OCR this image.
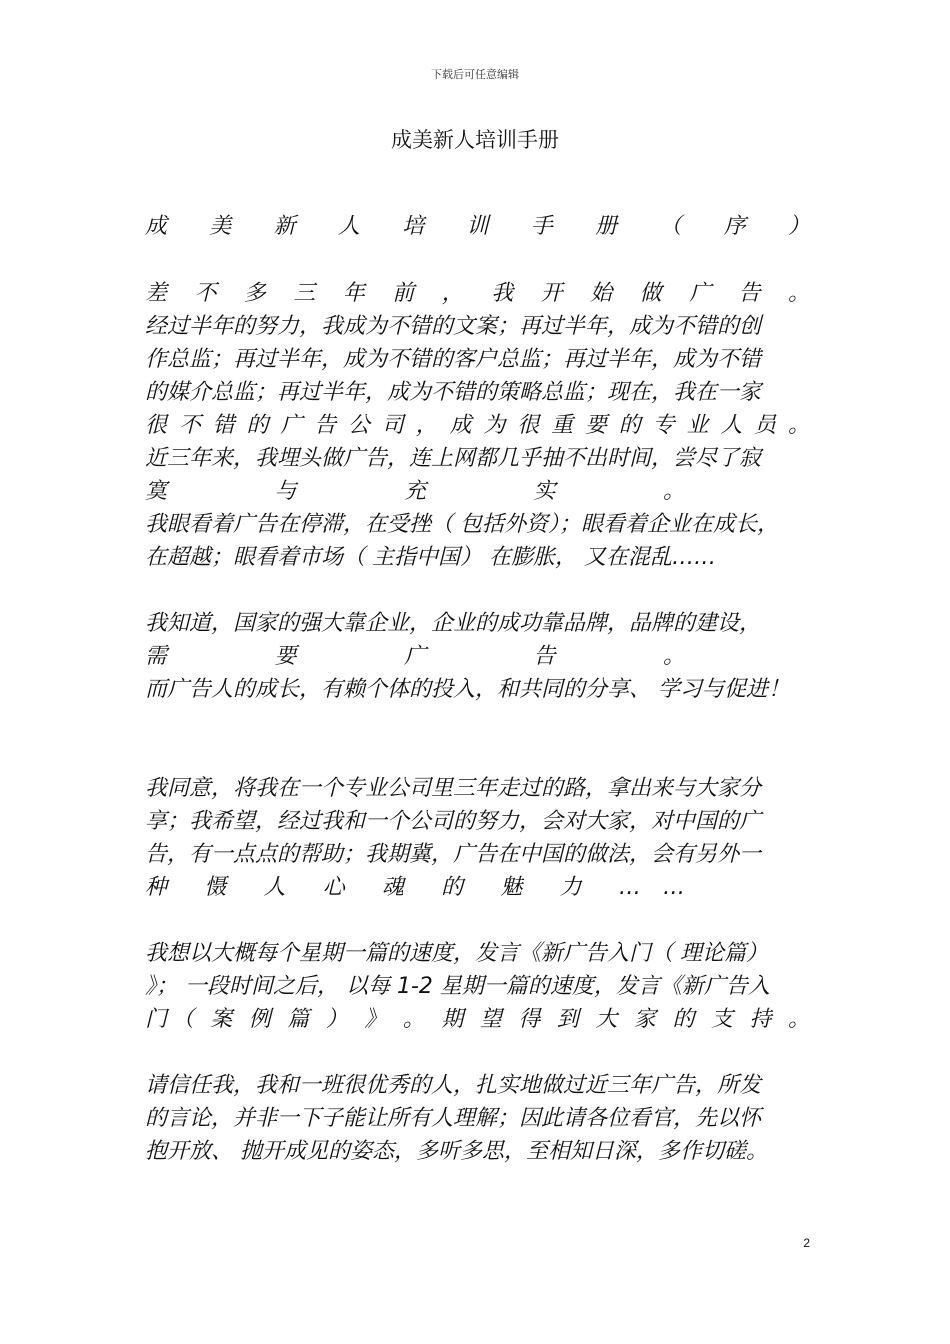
下载后可任意编辑
成美新人培训手册
成 美 新 人 培 训 手 册 （ 序 ）
差 不 多 三 年 前 ， 我 开 始 做 广 告 。
经过半年的努力，我成为不错的文案；再过半年，成为不错的创
作总监；再过半年，成为不错的客户总监；再过半年，成为不错
的媒介总监；再过半年，成为不错的策略总监；现在，我在一家
很 不 错 的 广 告 公 司 ， 成 为 很 重 要 的 专 业 人 员 。
近三年来，我埋头做广告，连上网都几乎抽不出时间，尝尽了寂
寞 与 充 实 。
我眼看着广告在停滞，在受挫（ 包括外资）；眼看着企业在成长，
在超越；眼看着市场（ 主指中国） 在膨胀， 又在混乱……
我知道，国家的强大靠企业，企业的成功靠品牌，品牌的建设，
需 要 广 告 。
而广告人的成长，有赖个体的投入，和共同的分享、 学习与促进！
我同意，将我在一个专业公司里三年走过的路，拿出来与大家分
享；我希望，经过我和一个公司的努力，会对大家，对中国的广
告，有一点点的帮助；我期冀，广告在中国的做法，会有另外一
种 慑 人 心 魂 的 魅 力 … …
我想以大概每个星期一篇的速度，发言《新广告入门（ 理论篇）
》； 一段时间之后， 以每 1-2 星期一篇的速度，发言《新广告入
门（ 案 例 篇 ） 》 。 期 望 得 到 大 家 的 支 持 。
请信任我，我和一班很优秀的人，扎实地做过近三年广告，所发
的言论，并非一下子能让所有人理解；因此请各位看官，先以怀
抱开放、 抛开成见的姿态，多听多思，至相知日深，多作切磋。
2
